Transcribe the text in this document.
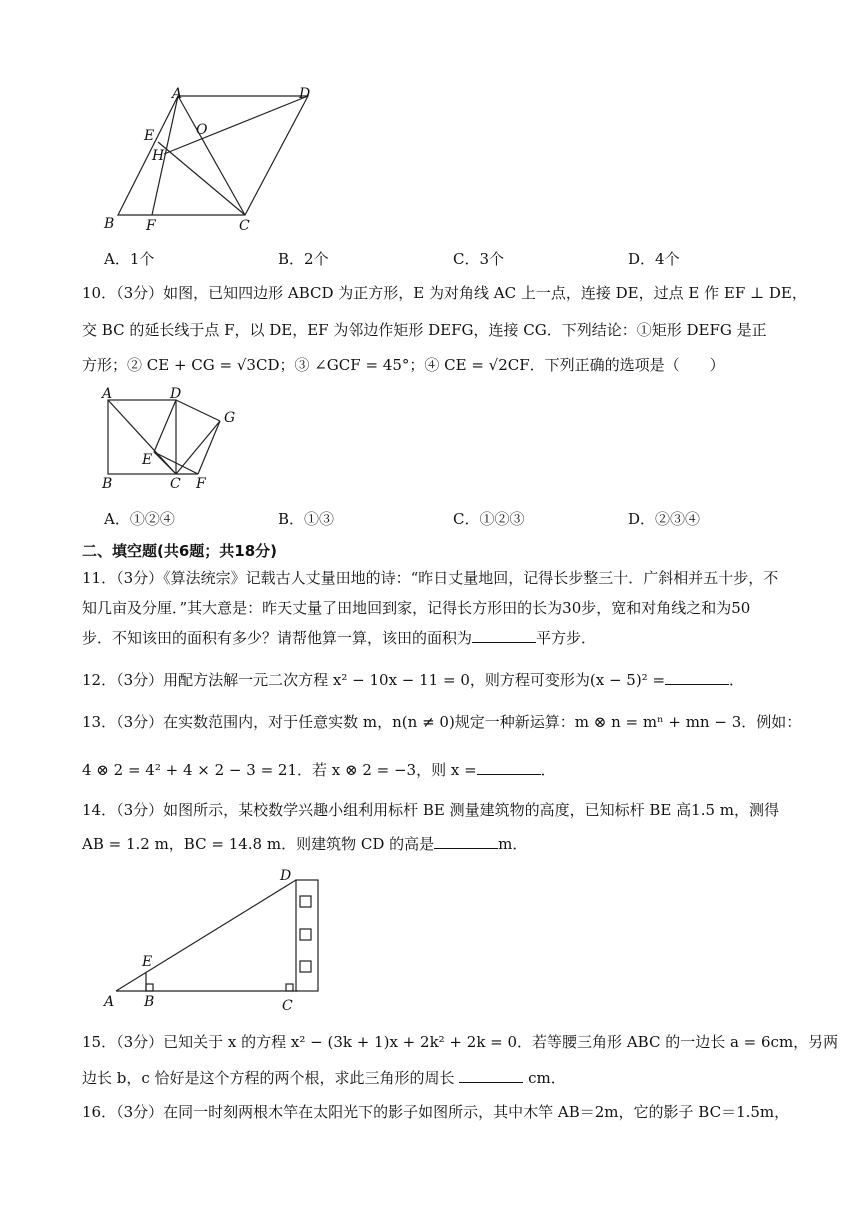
A	D
E	O
H
B F	C
A．1个	B．2个	C．3个	D．4个
10．（3分）如图，已知四边形 ABCD 为正方形，E 为对角线 AC 上一点，连接 DE，过点 E 作 EF ⊥ DE，
交 BC 的延长线于点 F，以 DE，EF 为邻边作矩形 DEFG，连接 CG．下列结论：①矩形 DEFG 是正
方形；② CE + CG = √3CD；③ ∠GCF = 45°；④ CE = √2CF．下列正确的选项是（　　）
A	D
G
E
B	C F
A．①②④	B．①③	C．①②③	D．②③④
二、填空题(共6题；共18分)
11．（3分）《算法统宗》记载古人丈量田地的诗：“昨日丈量地回，记得长步整三十．广斜相并五十步，不
知几亩及分厘．”其大意是：昨天丈量了田地回到家，记得长方形田的长为30步，宽和对角线之和为50
步．不知该田的面积有多少？请帮他算一算，该田的面积为	平方步．
12．（3分）用配方法解一元二次方程 x² − 10x − 11 = 0，则方程可变形为(x − 5)² =	．
13．（3分）在实数范围内，对于任意实数 m，n(n ≠ 0)规定一种新运算：m ⊗ n = mⁿ + mn − 3．例如：
4 ⊗ 2 = 4² + 4 × 2 − 3 = 21．若 x ⊗ 2 = −3，则 x =	．
14．（3分）如图所示，某校数学兴趣小组利用标杆 BE 测量建筑物的高度，已知标杆 BE 高1.5 m，测得
AB = 1.2 m，BC = 14.8 m．则建筑物 CD 的高是	m．
D
E
A B	C
15．（3分）已知关于 x 的方程 x² − (3k + 1)x + 2k² + 2k = 0．若等腰三角形 ABC 的一边长 a = 6cm，另两
边长 b，c 恰好是这个方程的两个根，求此三角形的周长	cm．
16．（3分）在同一时刻两根木竿在太阳光下的影子如图所示，其中木竿 AB＝2m，它的影子 BC＝1.5m，
